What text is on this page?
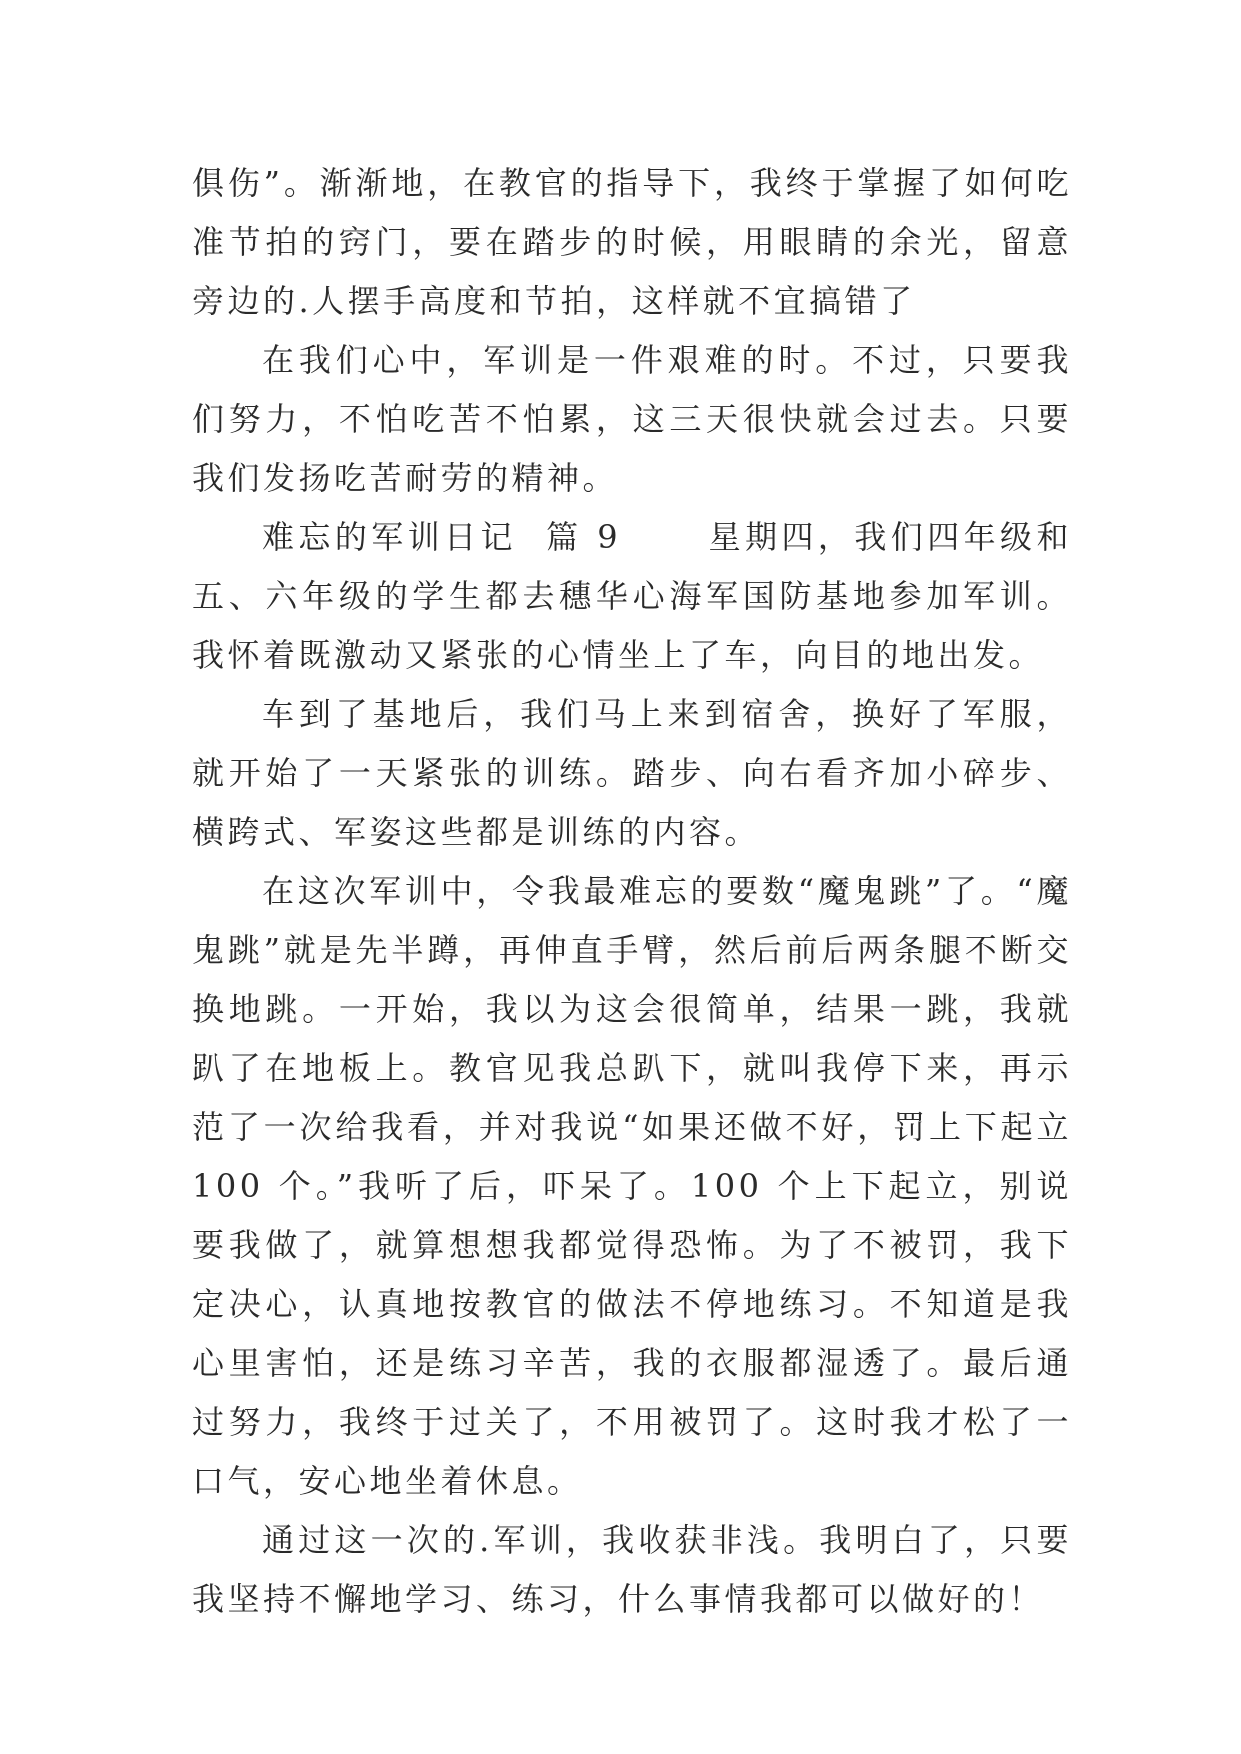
俱伤”。渐渐地，在教官的指导下，我终于掌握了如何吃准节拍的窍门，要在踏步的时候，用眼睛的余光，留意旁边的.人摆手高度和节拍，这样就不宜搞错了

在我们心中，军训是一件艰难的时。不过，只要我们努力，不怕吃苦不怕累，这三天很快就会过去。只要我们发扬吃苦耐劳的精神。

难忘的军训日记  篇 9	星期四，我们四年级和五、六年级的学生都去穗华心海军国防基地参加军训。我怀着既激动又紧张的心情坐上了车，向目的地出发。

车到了基地后，我们马上来到宿舍，换好了军服，就开始了一天紧张的训练。踏步、向右看齐加小碎步、横跨式、军姿这些都是训练的内容。

在这次军训中，令我最难忘的要数“魔鬼跳”了。“魔鬼跳”就是先半蹲，再伸直手臂，然后前后两条腿不断交换地跳。一开始，我以为这会很简单，结果一跳，我就趴了在地板上。教官见我总趴下，就叫我停下来，再示范了一次给我看，并对我说“如果还做不好，罚上下起立 100 个。”我听了后，吓呆了。100 个上下起立，别说要我做了，就算想想我都觉得恐怖。为了不被罚，我下定决心，认真地按教官的做法不停地练习。不知道是我心里害怕，还是练习辛苦，我的衣服都湿透了。最后通过努力，我终于过关了，不用被罚了。这时我才松了一口气，安心地坐着休息。

通过这一次的.军训，我收获非浅。我明白了，只要我坚持不懈地学习、练习，什么事情我都可以做好的！
